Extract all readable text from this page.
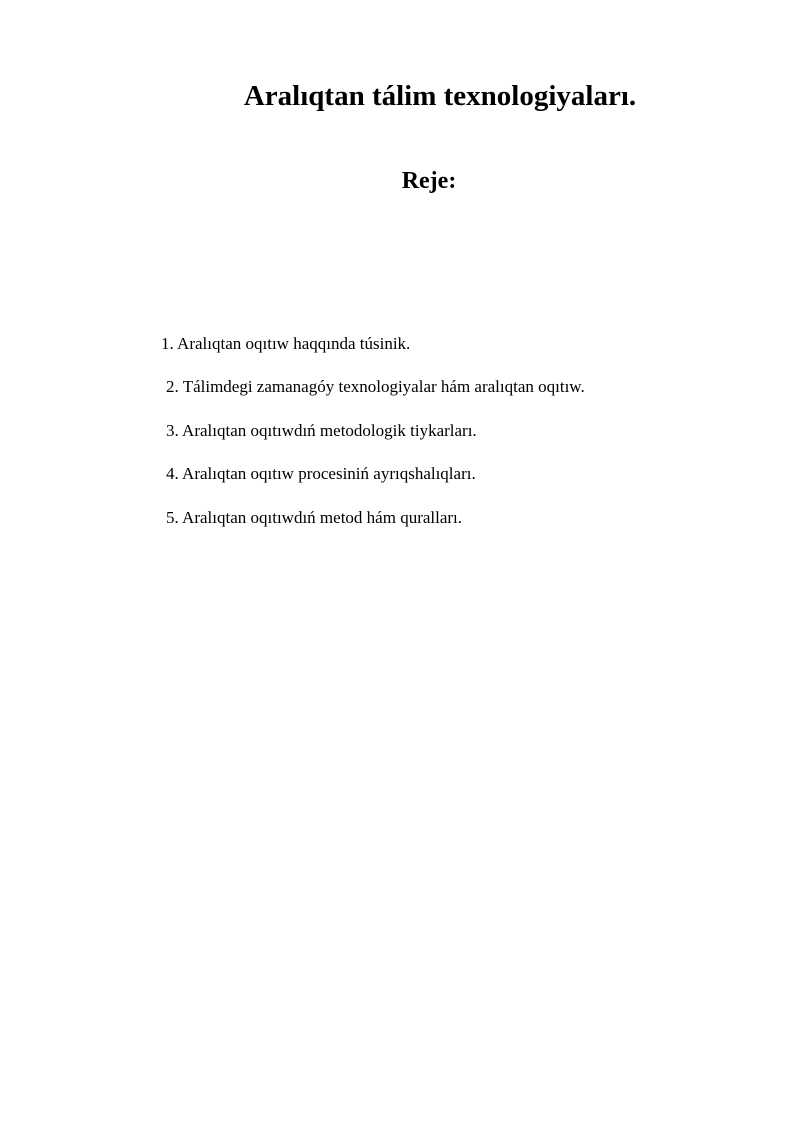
Aralıqtan tálim texnologiyaları.
Reje:
1. Aralıqtan oqıtıw haqqında túsinik.
2. Tálimdegi zamanagóy texnologiyalar hám aralıqtan oqıtıw.
3. Aralıqtan oqıtıwdıń metodologik tiykarları.
4. Aralıqtan oqıtıw procesiniń ayrıqshalıqları.
5. Aralıqtan oqıtıwdıń metod hám quralları.
